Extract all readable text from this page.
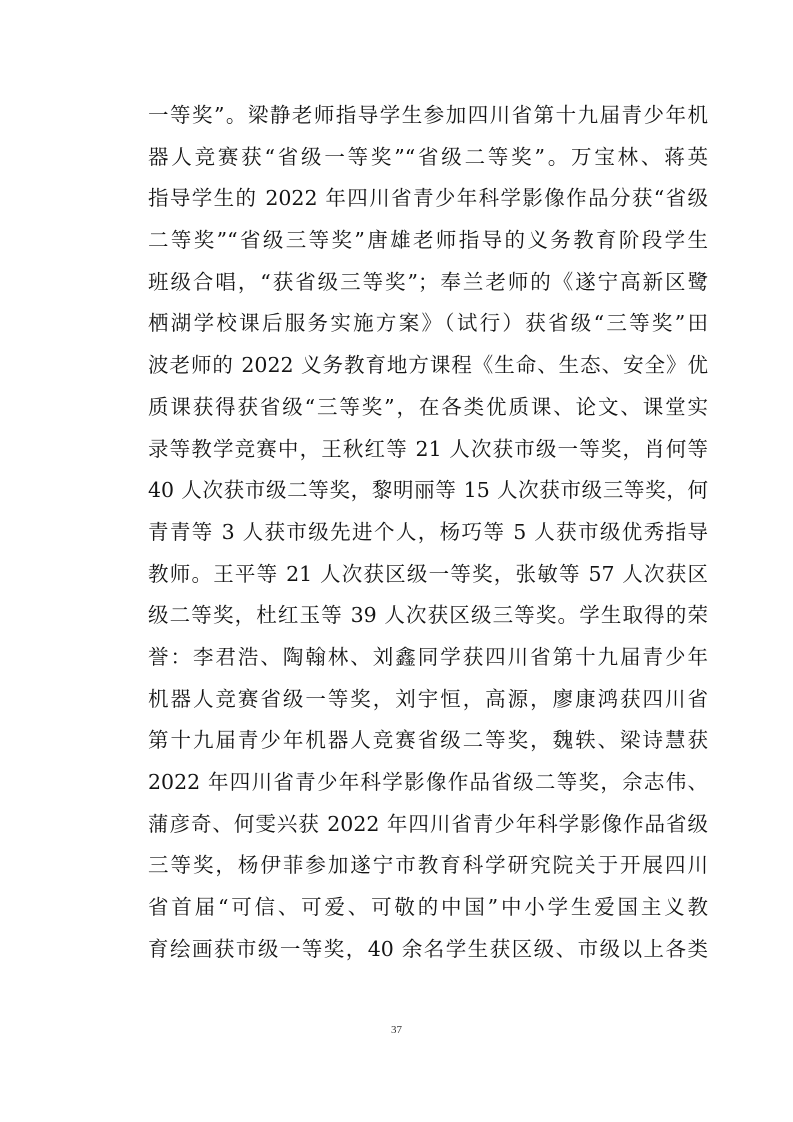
一等奖”。梁静老师指导学生参加四川省第十九届青少年机
器人竞赛获“省级一等奖”“省级二等奖”。万宝林、蒋英
指导学生的 2022 年四川省青少年科学影像作品分获“省级
二等奖”“省级三等奖”唐雄老师指导的义务教育阶段学生
班级合唱，“获省级三等奖”；奉兰老师的《遂宁高新区鹭
栖湖学校课后服务实施方案》（试行）获省级“三等奖”田
波老师的 2022 义务教育地方课程《生命、生态、安全》优
质课获得获省级“三等奖”，在各类优质课、论文、课堂实
录等教学竞赛中，王秋红等 21 人次获市级一等奖，肖何等
40 人次获市级二等奖，黎明丽等 15 人次获市级三等奖，何
青青等 3 人获市级先进个人，杨巧等 5 人获市级优秀指导
教师。王平等 21 人次获区级一等奖，张敏等 57 人次获区
级二等奖，杜红玉等 39 人次获区级三等奖。学生取得的荣
誉：李君浩、陶翰林、刘鑫同学获四川省第十九届青少年
机器人竞赛省级一等奖，刘宇恒，高源，廖康鸿获四川省
第十九届青少年机器人竞赛省级二等奖，魏轶、梁诗慧获
2022 年四川省青少年科学影像作品省级二等奖，佘志伟、
蒲彦奇、何雯兴获 2022 年四川省青少年科学影像作品省级
三等奖，杨伊菲参加遂宁市教育科学研究院关于开展四川
省首届“可信、可爱、可敬的中国”中小学生爱国主义教
育绘画获市级一等奖，40 余名学生获区级、市级以上各类
37
